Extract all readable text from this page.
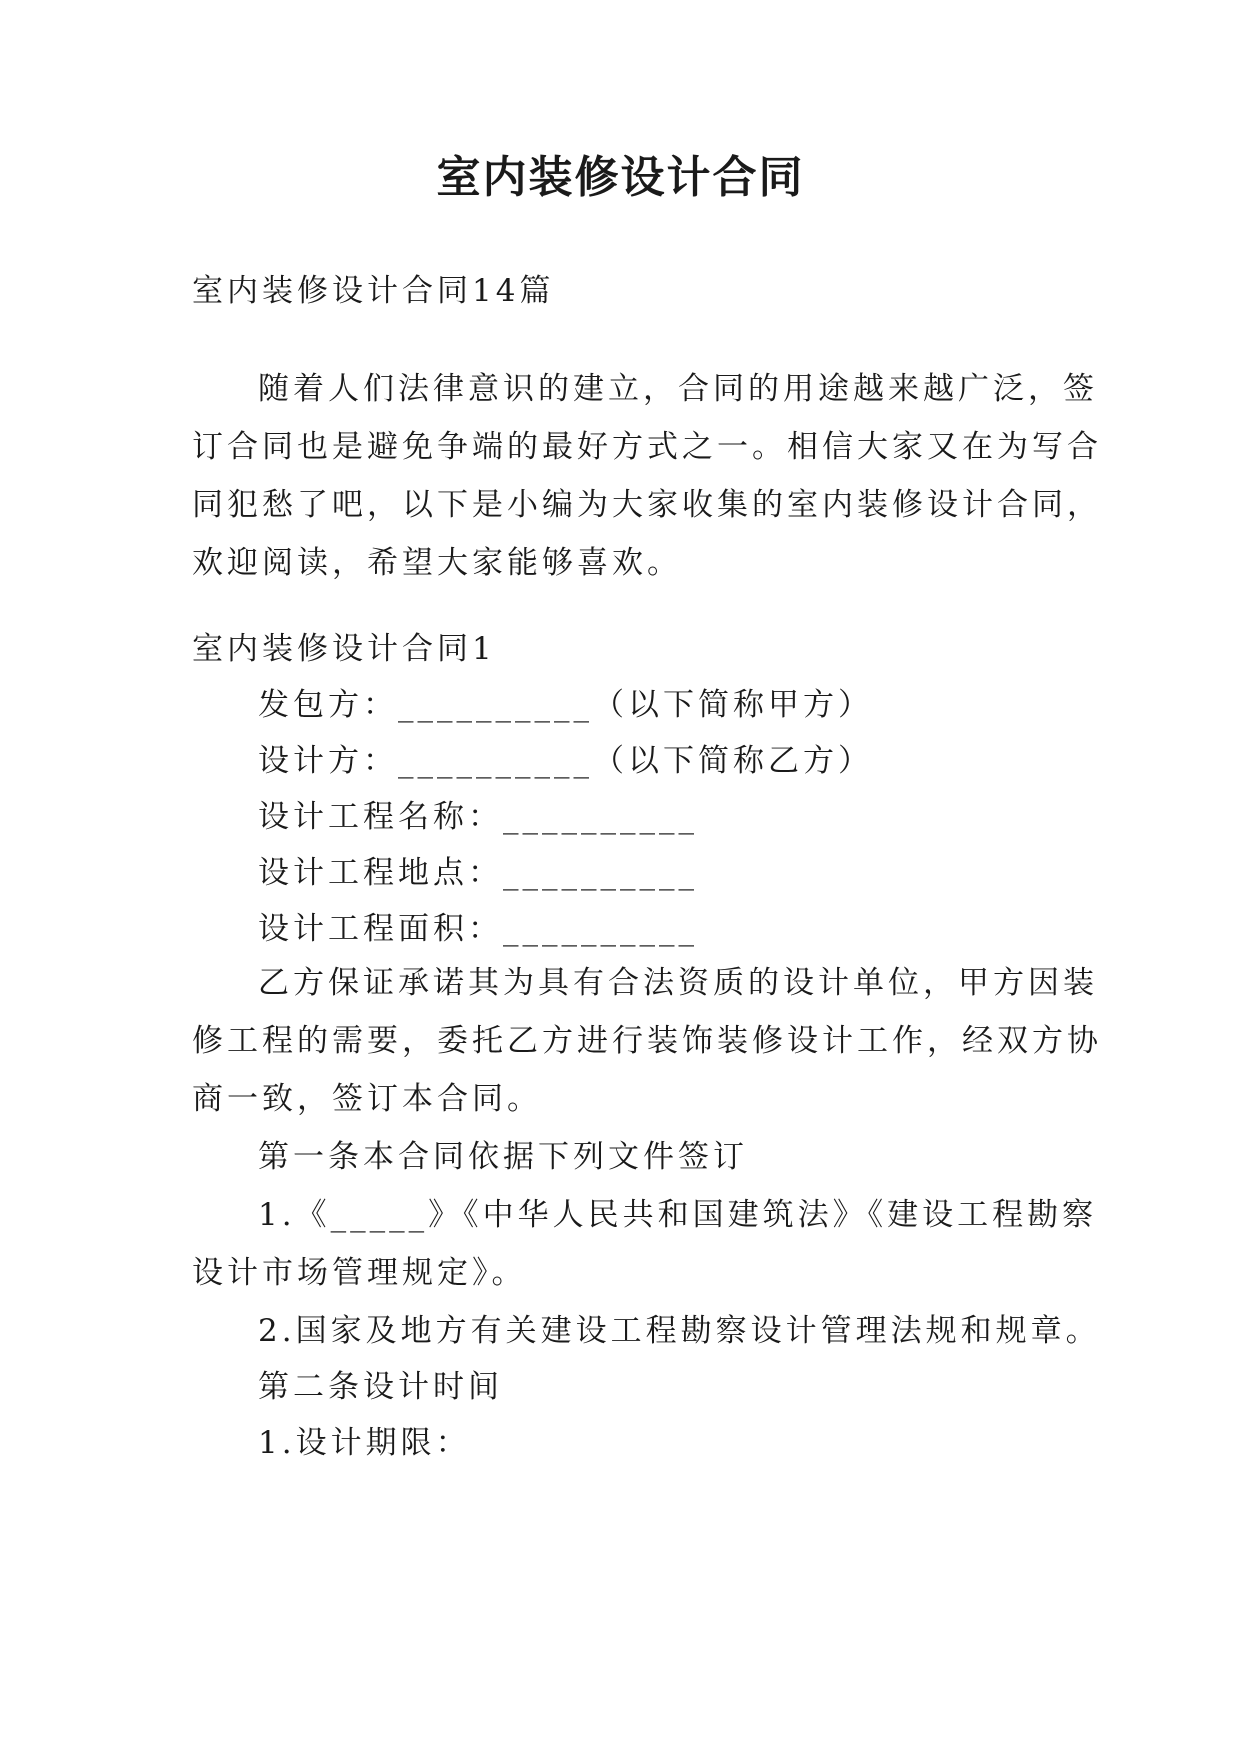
室内装修设计合同

室内装修设计合同14篇

随着人们法律意识的建立，合同的用途越来越广泛，签
订合同也是避免争端的最好方式之一。相信大家又在为写合
同犯愁了吧，以下是小编为大家收集的室内装修设计合同，
欢迎阅读，希望大家能够喜欢。

室内装修设计合同1

发包方：__________（以下简称甲方）

设计方：__________（以下简称乙方）

设计工程名称：__________

设计工程地点：__________

设计工程面积：__________

乙方保证承诺其为具有合法资质的设计单位，甲方因装
修工程的需要，委托乙方进行装饰装修设计工作，经双方协
商一致，签订本合同。

第一条本合同依据下列文件签订

1.《_____》《中华人民共和国建筑法》《建设工程勘察
设计市场管理规定》。

2.国家及地方有关建设工程勘察设计管理法规和规章。

第二条设计时间

1.设计期限：
